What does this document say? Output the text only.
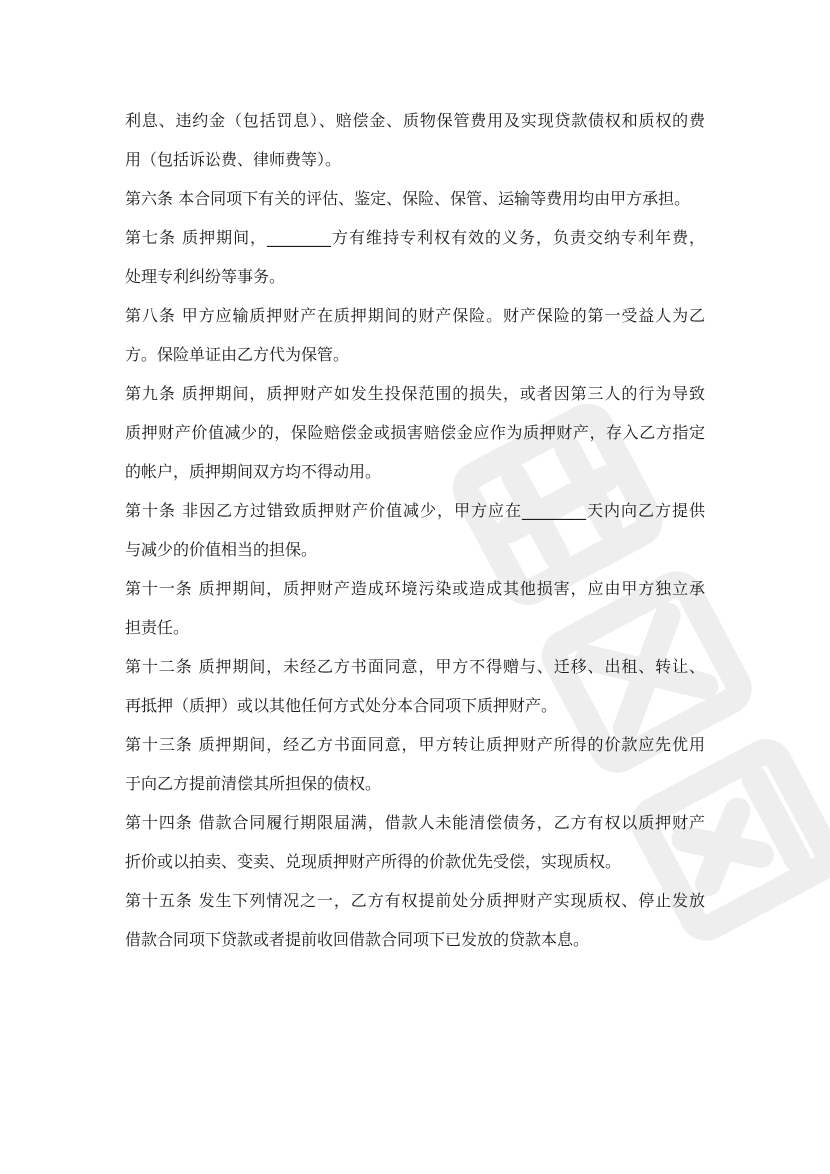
利息、违约金（包括罚息）、赔偿金、质物保管费用及实现贷款债权和质权的费
用（包括诉讼费、律师费等）。
第六条 本合同项下有关的评估、鉴定、保险、保管、运输等费用均由甲方承担。
第七条 质押期间，________方有维持专利权有效的义务，负责交纳专利年费，
处理专利纠纷等事务。
第八条 甲方应输质押财产在质押期间的财产保险。财产保险的第一受益人为乙
方。保险单证由乙方代为保管。
第九条 质押期间，质押财产如发生投保范围的损失，或者因第三人的行为导致
质押财产价值减少的，保险赔偿金或损害赔偿金应作为质押财产，存入乙方指定
的帐户，质押期间双方均不得动用。
第十条 非因乙方过错致质押财产价值减少，甲方应在________天内向乙方提供
与减少的价值相当的担保。
第十一条 质押期间，质押财产造成环境污染或造成其他损害，应由甲方独立承
担责任。
第十二条 质押期间，未经乙方书面同意，甲方不得赠与、迁移、出租、转让、
再抵押（质押）或以其他任何方式处分本合同项下质押财产。
第十三条 质押期间，经乙方书面同意，甲方转让质押财产所得的价款应先优用
于向乙方提前清偿其所担保的债权。
第十四条 借款合同履行期限届满，借款人未能清偿债务，乙方有权以质押财产
折价或以拍卖、变卖、兑现质押财产所得的价款优先受偿，实现质权。
第十五条 发生下列情况之一，乙方有权提前处分质押财产实现质权、停止发放
借款合同项下贷款或者提前收回借款合同项下已发放的贷款本息。
